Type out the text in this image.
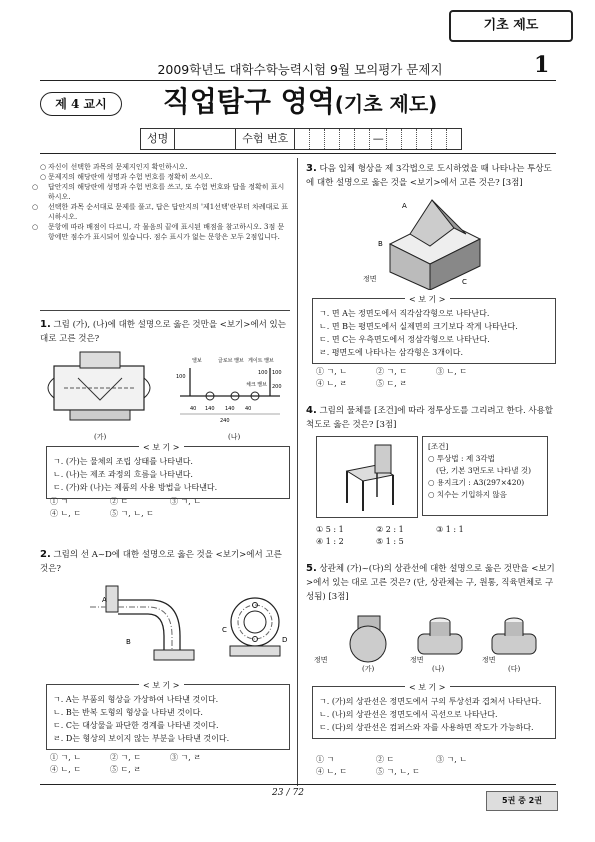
기초 제도
2009학년도 대학수학능력시험 9월 모의평가 문제지	1
제 4 교시	직업탐구 영역(기초 제도)
성명	수험 번호	—
○ 자신이 선택한 과목의 문제지인지 확인하시오.
○ 문제지의 해당란에 성명과 수험 번호를 정확히 쓰시오.
○ 답안지의 해당란에 성명과 수험 번호를 쓰고, 또 수험 번호와 답을 정확히 표시하시오.
○ 선택한 과목 순서대로 문제를 풀고, 답은 답안지의 '제1선택'란부터 차례대로 표시하시오.
○ 문항에 따라 배점이 다르니, 각 물음의 끝에 표시된 배점을 참고하시오. 3점 문항에만 점수가 표시되어 있습니다. 점수 표시가 없는 문항은 모두 2점입니다.
1. 그림 (가), (나)에 대한 설명으로 옳은 것만을 <보기>에서 있는 대로 고른 것은?
엘보	글로브 밸브 게이트 밸브
체크 밸브
40 140 140 40
240
100
100 100
200
(가)	(나)
< 보 기 >
ㄱ. (가)는 물체의 조립 상태를 나타낸다.
ㄴ. (나)는 제조 과정의 흐름을 나타낸다.
ㄷ. (가)와 (나)는 제품의 사용 방법을 나타낸다.
① ㄱ	② ㄷ	③ ㄱ, ㄴ
④ ㄴ, ㄷ	⑤ ㄱ, ㄴ, ㄷ
2. 그림의 선 A~D에 대한 설명으로 옳은 것을 <보기>에서 고른 것은?
A
B
C
D
< 보 기 >
ㄱ. A는 부품의 형상을 가상하여 나타낸 것이다.
ㄴ. B는 반복 도형의 형상을 나타낸 것이다.
ㄷ. C는 대상물을 파단한 경계를 나타낸 것이다.
ㄹ. D는 형상의 보이지 않는 부분을 나타낸 것이다.
① ㄱ, ㄴ	② ㄱ, ㄷ	③ ㄱ, ㄹ
④ ㄴ, ㄷ	⑤ ㄷ, ㄹ
3. 다음 입체 형상을 제 3각법으로 도시하였을 때 나타나는 투상도에 대한 설명으로 옳은 것을 <보기>에서 고른 것은? [3점]
A
B
C
정면
< 보 기 >
ㄱ. 면 A는 정면도에서 직각삼각형으로 나타난다.
ㄴ. 면 B는 평면도에서 실제면의 크기보다 작게 나타난다.
ㄷ. 면 C는 우측면도에서 정삼각형으로 나타난다.
ㄹ. 평면도에 나타나는 삼각형은 3개이다.
① ㄱ, ㄴ	② ㄱ, ㄷ	③ ㄴ, ㄷ
④ ㄴ, ㄹ	⑤ ㄷ, ㄹ
4. 그림의 물체를 [조건]에 따라 정투상도를 그리려고 한다. 사용할 척도로 옳은 것은? [3점]
[조건]
○ 투상법 : 제 3각법
(단, 기본 3면도로 나타낼 것)
○ 용지크기 : A3(297×420)
○ 치수는 기입하지 않음
① 5 : 1	② 2 : 1	③ 1 : 1
④ 1 : 2	⑤ 1 : 5
5. 상관체 (가)~(다)의 상관선에 대한 설명으로 옳은 것만을 <보기>에서 있는 대로 고른 것은? (단, 상관체는 구, 원통, 직육면체로 구성됨) [3점]
정면	정면	정면
(가)	(나)	(다)
< 보 기 >
ㄱ. (가)의 상관선은 정면도에서 구의 투상선과 겹쳐서 나타난다.
ㄴ. (나)의 상관선은 정면도에서 곡선으로 나타난다.
ㄷ. (다)의 상관선은 컴퍼스와 자를 사용하면 작도가 가능하다.
① ㄱ	② ㄷ	③ ㄱ, ㄴ
④ ㄴ, ㄷ	⑤ ㄱ, ㄴ, ㄷ
23 / 72
5권 중 2권
